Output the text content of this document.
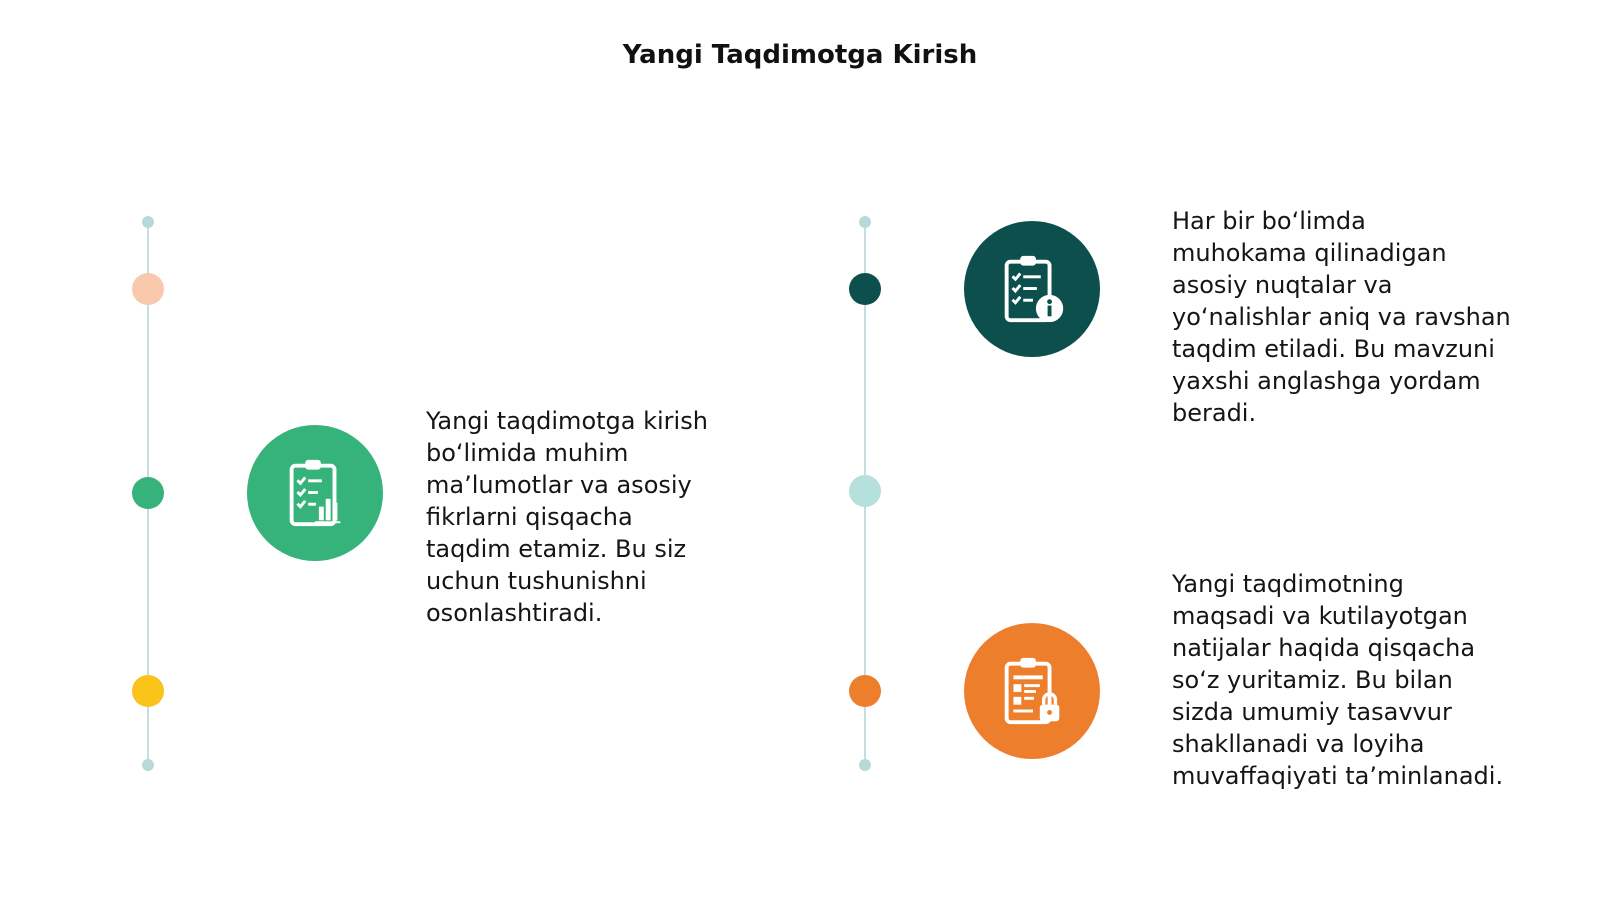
Yangi Taqdimotga Kirish
Yangi taqdimotga kirish
bo‘limida muhim
ma’lumotlar va asosiy
fikrlarni qisqacha
taqdim etamiz. Bu siz
uchun tushunishni
osonlashtiradi.
Har bir bo‘limda
muhokama qilinadigan
asosiy nuqtalar va
yo‘nalishlar aniq va ravshan
taqdim etiladi. Bu mavzuni
yaxshi anglashga yordam
beradi.
Yangi taqdimotning
maqsadi va kutilayotgan
natijalar haqida qisqacha
so‘z yuritamiz. Bu bilan
sizda umumiy tasavvur
shakllanadi va loyiha
muvaffaqiyati ta’minlanadi.
